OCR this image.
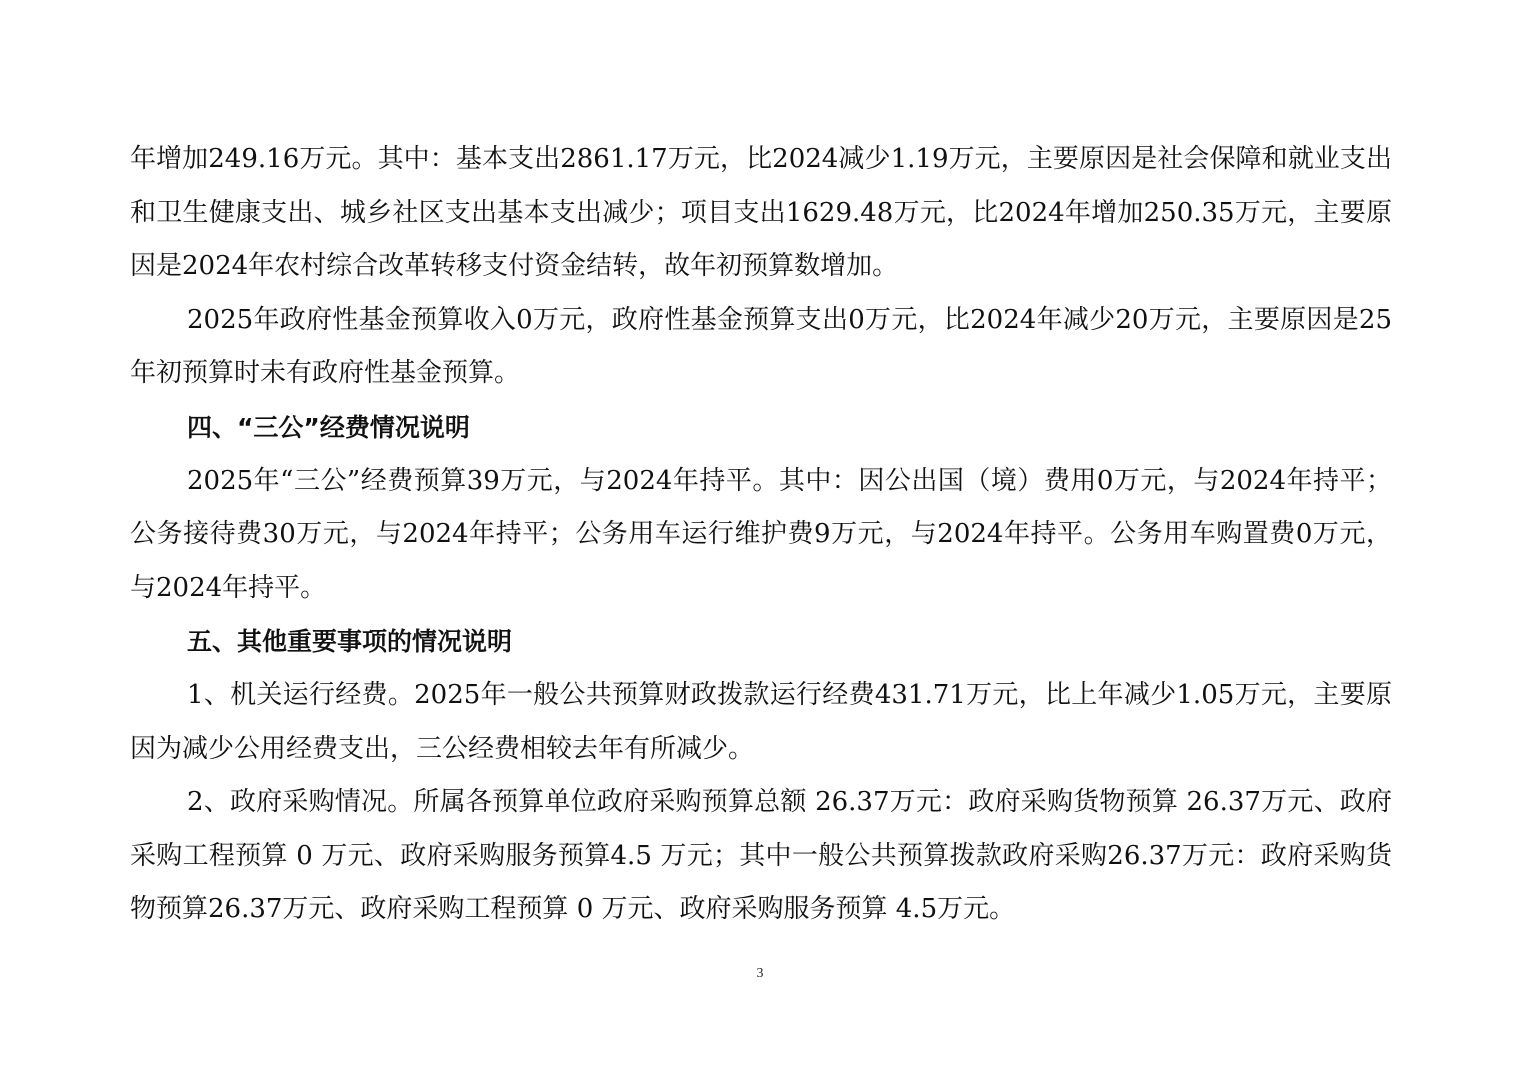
年增加249.16万元。其中：基本支出2861.17万元，比2024减少1.19万元，主要原因是社会保障和就业支出和卫生健康支出、城乡社区支出基本支出减少；项目支出1629.48万元，比2024年增加250.35万元，主要原因是2024年农村综合改革转移支付资金结转，故年初预算数增加。

2025年政府性基金预算收入0万元，政府性基金预算支出0万元，比2024年减少20万元，主要原因是25年初预算时未有政府性基金预算。

四、“三公”经费情况说明

2025年“三公”经费预算39万元，与2024年持平。其中：因公出国（境）费用0万元，与2024年持平；公务接待费30万元，与2024年持平；公务用车运行维护费9万元，与2024年持平。公务用车购置费0万元，与2024年持平。

五、其他重要事项的情况说明

1、机关运行经费。2025年一般公共预算财政拨款运行经费431.71万元，比上年减少1.05万元，主要原因为减少公用经费支出，三公经费相较去年有所减少。

2、政府采购情况。所属各预算单位政府采购预算总额 26.37万元：政府采购货物预算 26.37万元、政府采购工程预算 0 万元、政府采购服务预算4.5 万元；其中一般公共预算拨款政府采购26.37万元：政府采购货物预算26.37万元、政府采购工程预算 0 万元、政府采购服务预算 4.5万元。

3
